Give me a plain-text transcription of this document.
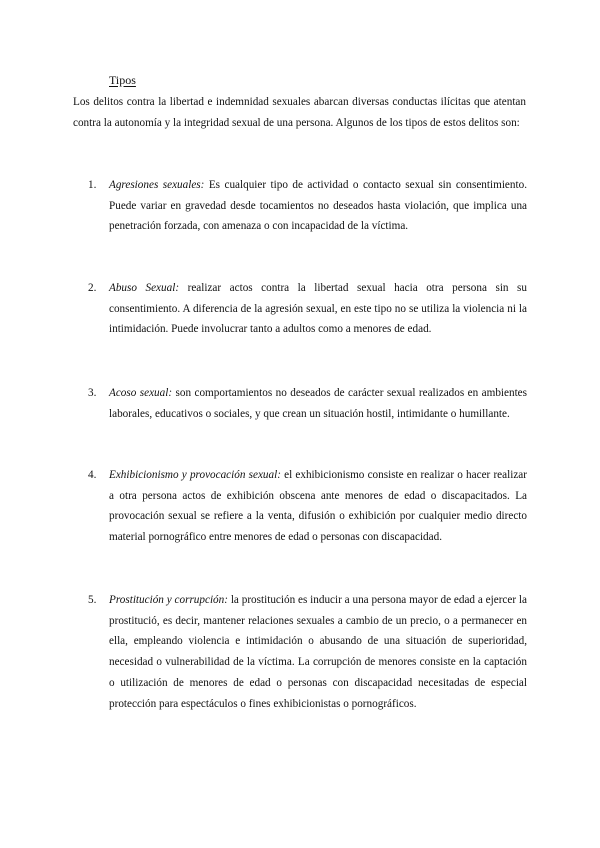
Tipos

Los delitos contra la libertad e indemnidad sexuales abarcan diversas conductas ilícitas que atentan contra la autonomía y la integridad sexual de una persona. Algunos de los tipos de estos delitos son:

1. Agresiones sexuales: Es cualquier tipo de actividad o contacto sexual sin consentimiento. Puede variar en gravedad desde tocamientos no deseados hasta violación, que implica una penetración forzada, con amenaza o con incapacidad de la víctima.

2. Abuso Sexual: realizar actos contra la libertad sexual hacia otra persona sin su consentimiento. A diferencia de la agresión sexual, en este tipo no se utiliza la violencia ni la intimidación. Puede involucrar tanto a adultos como a menores de edad.

3. Acoso sexual: son comportamientos no deseados de carácter sexual realizados en ambientes laborales, educativos o sociales, y que crean un situación hostil, intimidante o humillante.

4. Exhibicionismo y provocación sexual: el exhibicionismo consiste en realizar o hacer realizar a otra persona actos de exhibición obscena ante menores de edad o discapacitados. La provocación sexual se refiere a la venta, difusión o exhibición por cualquier medio directo material pornográfico entre menores de edad o personas con discapacidad.

5. Prostitución y corrupción: la prostitución es inducir a una persona mayor de edad a ejercer la prostitució, es decir, mantener relaciones sexuales a cambio de un precio, o a permanecer en ella, empleando violencia e intimidación o abusando de una situación de superioridad, necesidad o vulnerabilidad de la víctima. La corrupción de menores consiste en la captación o utilización de menores de edad o personas con discapacidad necesitadas de especial protección para espectáculos o fines exhibicionistas o pornográficos.
